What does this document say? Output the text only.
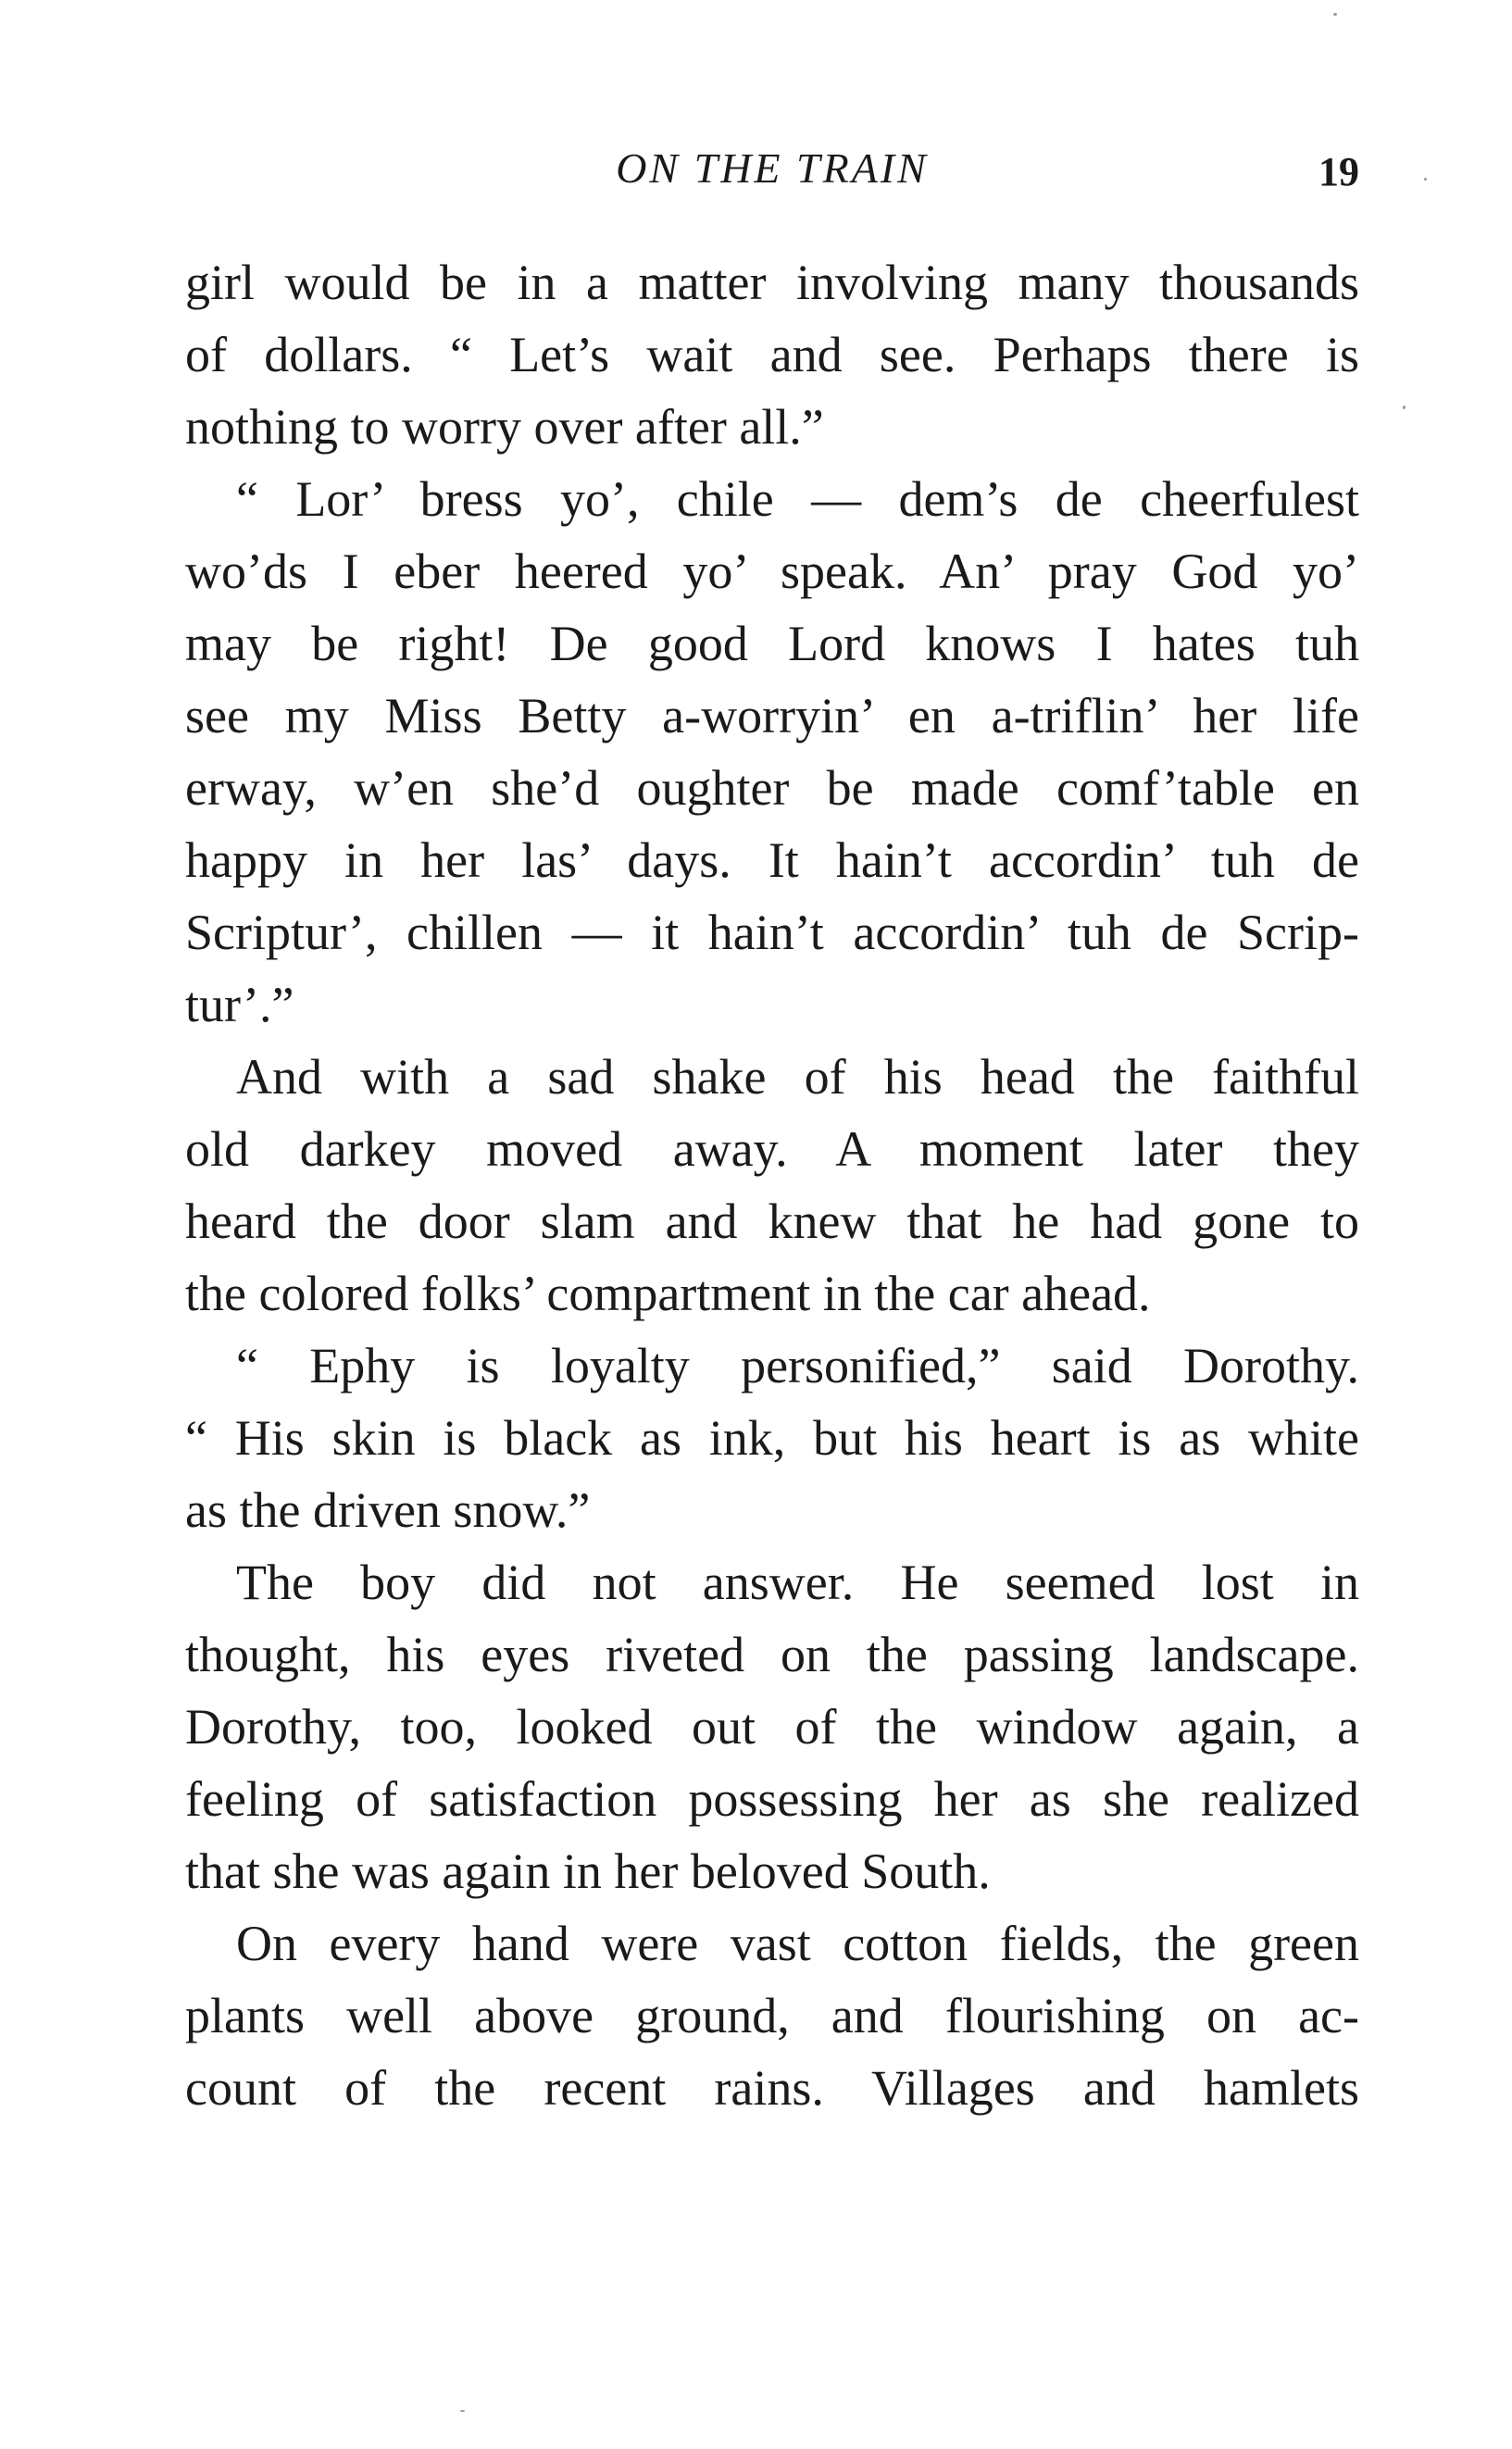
ON THE TRAIN	19
girl would be in a matter involving many thousands
of dollars. “ Let’s wait and see. Perhaps there is
nothing to worry over after all.”
“ Lor’ bress yo’, chile — dem’s de cheerfulest
wo’ds I eber heered yo’ speak. An’ pray God yo’
may be right! De good Lord knows I hates tuh
see my Miss Betty a-worryin’ en a-triflin’ her life
erway, w’en she’d oughter be made comf’table en
happy in her las’ days. It hain’t accordin’ tuh de
Scriptur’, chillen — it hain’t accordin’ tuh de Scrip-
tur’.”
And with a sad shake of his head the faithful
old darkey moved away. A moment later they
heard the door slam and knew that he had gone to
the colored folks’ compartment in the car ahead.
“ Ephy is loyalty personified,” said Dorothy.
“ His skin is black as ink, but his heart is as white
as the driven snow.”
The boy did not answer. He seemed lost in
thought, his eyes riveted on the passing landscape.
Dorothy, too, looked out of the window again, a
feeling of satisfaction possessing her as she realized
that she was again in her beloved South.
On every hand were vast cotton fields, the green
plants well above ground, and flourishing on ac-
count of the recent rains. Villages and hamlets
